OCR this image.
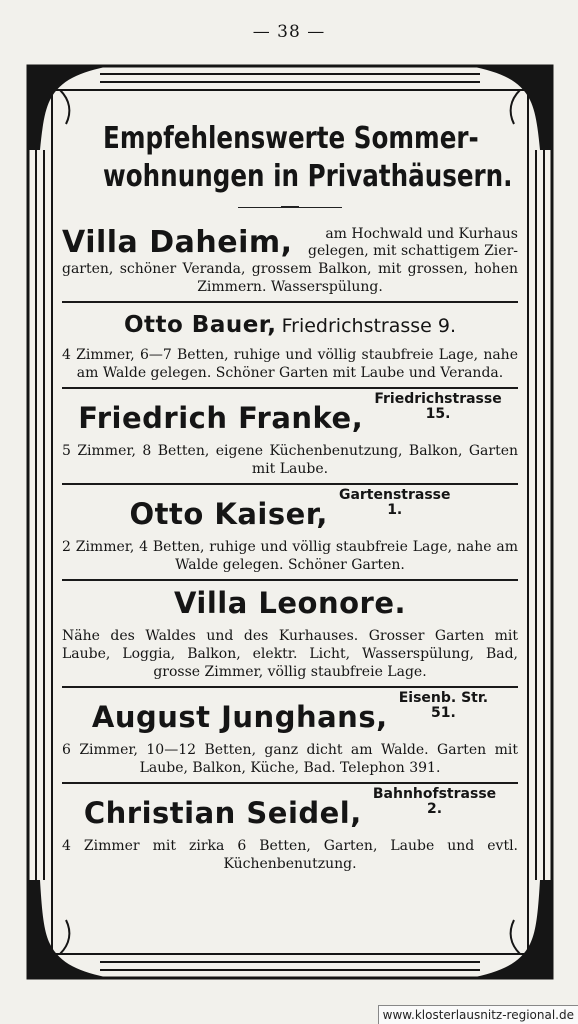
— 38 —
Empfehlenswerte Sommer-
wohnungen in Privathäusern.
Villa Daheim,	am Hochwald und Kurhaus gelegen, mit schattigem Zier-

garten, schöner Veranda, grossem Balkon, mit grossen, hohen Zimmern. Wasserspülung.

Otto Bauer, Friedrichstrasse 9.

4 Zimmer, 6—7 Betten, ruhige und völlig staubfreie Lage, nahe am Walde gelegen. Schöner Garten mit Laube und Veranda.

Friedrich Franke, Friedrichstrasse
15.

5 Zimmer, 8 Betten, eigene Küchenbenutzung, Balkon, Garten mit Laube.

Otto Kaiser, Gartenstrasse
1.

2 Zimmer, 4 Betten, ruhige und völlig staubfreie Lage, nahe am Walde gelegen. Schöner Garten.

Villa Leonore.

Nähe des Waldes und des Kurhauses. Grosser Garten mit Laube, Loggia, Balkon, elektr. Licht, Wasserspülung, Bad, grosse Zimmer, völlig staubfreie Lage.

August Junghans, Eisenb. Str.
51.

6 Zimmer, 10—12 Betten, ganz dicht am Walde. Garten mit Laube, Balkon, Küche, Bad. Telephon 391.

Christian Seidel, Bahnhofstrasse
2.

4 Zimmer mit zirka 6 Betten, Garten, Laube und evtl. Küchenbenutzung.

www.klosterlausnitz-regional.de
